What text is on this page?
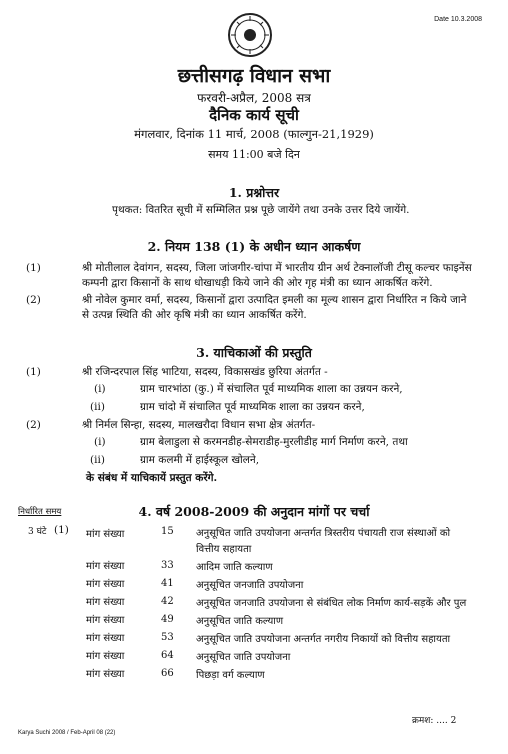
Date 10.3.2008
छत्तीसगढ़ विधान सभा
फरवरी-अप्रैल, 2008 सत्र
दैनिक कार्य सूची
मंगलवार, दिनांक 11 मार्च, 2008 (फाल्गुन-21,1929)
समय 11:00 बजे दिन
1. प्रश्नोत्तर
पृथकत: वितरित सूची में सम्मिलित प्रश्न पूछे जायेंगे तथा उनके उत्तर दिये जायेंगे.
2. नियम 138 (1) के अधीन ध्यान आकर्षण
(1)	श्री मोतीलाल देवांगन, सदस्य, जिला जांजगीर-चांपा में भारतीय ग्रीन अर्थ टेक्नालॉजी टीसू कल्चर फाइनेंस
कम्पनी द्वारा किसानों के साथ धोखाधड़ी किये जाने की ओर गृह मंत्री का ध्यान आकर्षित करेंगे.
(2)	श्री नोवेल कुमार वर्मा, सदस्य, किसानों द्वारा उत्पादित इमली का मूल्य शासन द्वारा निर्धारित न किये जाने
से उत्पन्न स्थिति की ओर कृषि मंत्री का ध्यान आकर्षित करेंगे.
3. याचिकाओं की प्रस्तुति
(1)	श्री रजिन्दरपाल सिंह भाटिया, सदस्य, विकासखंड छुरिया अंतर्गत -
(i)	ग्राम चारभांठा (कु.) में संचालित पूर्व माध्यमिक शाला का उन्नयन करने,
(ii)	ग्राम चांदो में संचालित पूर्व माध्यमिक शाला का उन्नयन करने,
(2)	श्री निर्मल सिन्हा, सदस्य, मालखरौदा विधान सभा क्षेत्र अंतर्गत-
(i)	ग्राम बेलाडुला से करमनडीह-सेमराडीह-मुरलीडीह मार्ग निर्माण करने, तथा
(ii)	ग्राम कलमी में हाईस्कूल खोलने,
के संबंध में याचिकायें प्रस्तुत करेंगे.
निर्धारित समय	4. वर्ष 2008-2009 की अनुदान मांगों पर चर्चा
3 घंटे (1) मांग संख्या	15 अनुसूचित जाति उपयोजना अन्तर्गत त्रिस्तरीय पंचायती राज संस्थाओं को
वित्तीय सहायता
मांग संख्या	33 आदिम जाति कल्याण
मांग संख्या	41 अनुसूचित जनजाति उपयोजना
मांग संख्या	42 अनुसूचित जनजाति उपयोजना से संबंधित लोक निर्माण कार्य-सड़कें और पुल
मांग संख्या	49 अनुसूचित जाति कल्याण
मांग संख्या	53 अनुसूचित जाति उपयोजना अन्तर्गत नगरीय निकायों को वित्तीय सहायता
मांग संख्या	64 अनुसूचित जाति उपयोजना
मांग संख्या	66 पिछड़ा वर्ग कल्याण
क्रमश: .... 2
Karya Suchi 2008 / Feb-April 08 (22)
